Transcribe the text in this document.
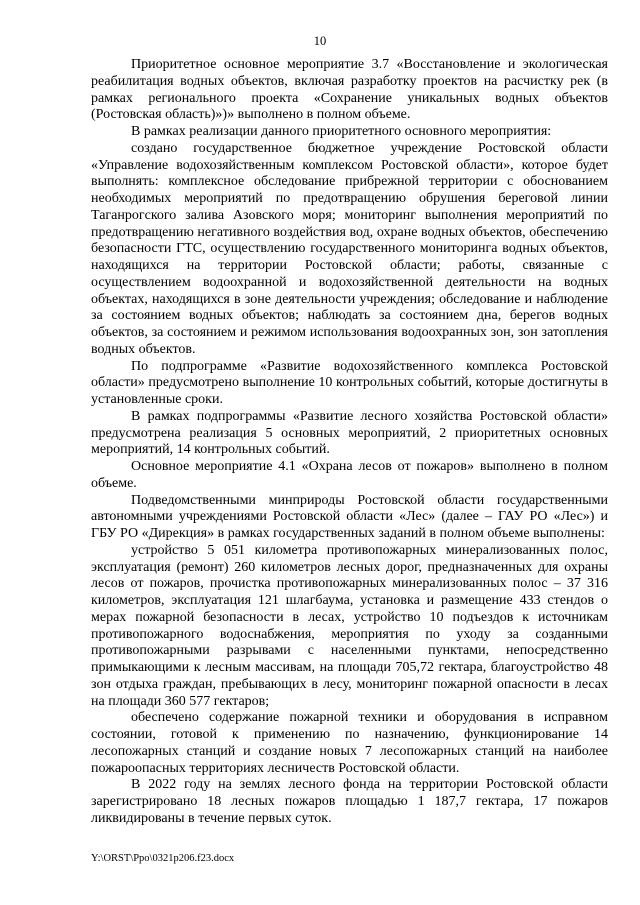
10

Приоритетное основное мероприятие 3.7 «Восстановление и экологическая реабилитация водных объектов, включая разработку проектов на расчистку рек (в рамках регионального проекта «Сохранение уникальных водных объектов (Ростовская область)»)» выполнено в полном объеме.

В рамках реализации данного приоритетного основного мероприятия:

создано государственное бюджетное учреждение Ростовской области «Управление водохозяйственным комплексом Ростовской области», которое будет выполнять: комплексное обследование прибрежной территории с обоснованием необходимых мероприятий по предотвращению обрушения береговой линии Таганрогского залива Азовского моря; мониторинг выполнения мероприятий по предотвращению негативного воздействия вод, охране водных объектов, обеспечению безопасности ГТС, осуществлению государственного мониторинга водных объектов, находящихся на территории Ростовской области; работы, связанные с осуществлением водоохранной и водохозяйственной деятельности на водных объектах, находящихся в зоне деятельности учреждения; обследование и наблюдение за состоянием водных объектов; наблюдать за состоянием дна, берегов водных объектов, за состоянием и режимом использования водоохранных зон, зон затопления водных объектов.

По подпрограмме «Развитие водохозяйственного комплекса Ростовской области» предусмотрено выполнение 10 контрольных событий, которые достигнуты в установленные сроки.

В рамках подпрограммы «Развитие лесного хозяйства Ростовской области» предусмотрена реализация 5 основных мероприятий, 2 приоритетных основных мероприятий, 14 контрольных событий.

Основное мероприятие 4.1 «Охрана лесов от пожаров» выполнено в полном объеме.

Подведомственными минприроды Ростовской области государственными автономными учреждениями Ростовской области «Лес» (далее – ГАУ РО «Лес») и ГБУ РО «Дирекция» в рамках государственных заданий в полном объеме выполнены:

устройство 5 051 километра противопожарных минерализованных полос, эксплуатация (ремонт) 260 километров лесных дорог, предназначенных для охраны лесов от пожаров, прочистка противопожарных минерализованных полос – 37 316 километров, эксплуатация 121 шлагбаума, установка и размещение 433 стендов о мерах пожарной безопасности в лесах, устройство 10 подъездов к источникам противопожарного водоснабжения, мероприятия по уходу за созданными противопожарными разрывами с населенными пунктами, непосредственно примыкающими к лесным массивам, на площади 705,72 гектара, благоустройство 48 зон отдыха граждан, пребывающих в лесу, мониторинг пожарной опасности в лесах на площади 360 577 гектаров;

обеспечено содержание пожарной техники и оборудования в исправном состоянии, готовой к применению по назначению, функционирование 14 лесопожарных станций и создание новых 7 лесопожарных станций на наиболее пожароопасных территориях лесничеств Ростовской области.

В 2022 году на землях лесного фонда на территории Ростовской области зарегистрировано 18 лесных пожаров площадью 1 187,7 гектара, 17 пожаров ликвидированы в течение первых суток.

Y:\ORST\Ppo\0321p206.f23.docx
